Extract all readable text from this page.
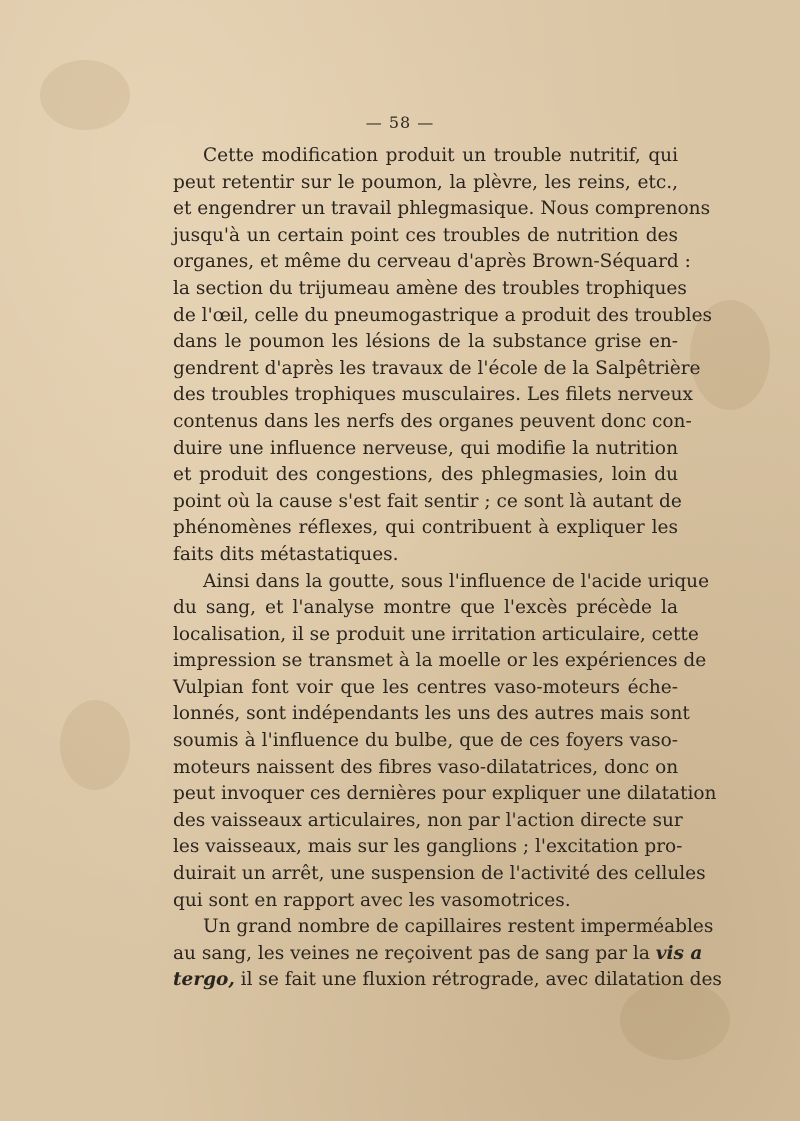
— 58 —
Cette modification produit un trouble nutritif, qui
peut retentir sur le poumon, la plèvre, les reins, etc.,
et engendrer un travail phlegmasique. Nous comprenons
jusqu'à un certain point ces troubles de nutrition des
organes, et même du cerveau d'après Brown-Séquard :
la section du trijumeau amène des troubles trophiques
de l'œil, celle du pneumogastrique a produit des troubles
dans le poumon les lésions de la substance grise en-
gendrent d'après les travaux de l'école de la Salpêtrière
des troubles trophiques musculaires. Les filets nerveux
contenus dans les nerfs des organes peuvent donc con-
duire une influence nerveuse, qui modifie la nutrition
et produit des congestions, des phlegmasies, loin du
point où la cause s'est fait sentir ; ce sont là autant de
phénomènes réflexes, qui contribuent à expliquer les
faits dits métastatiques.
Ainsi dans la goutte, sous l'influence de l'acide urique
du sang, et l'analyse montre que l'excès précède la
localisation, il se produit une irritation articulaire, cette
impression se transmet à la moelle or les expériences de
Vulpian font voir que les centres vaso-moteurs éche-
lonnés, sont indépendants les uns des autres mais sont
soumis à l'influence du bulbe, que de ces foyers vaso-
moteurs naissent des fibres vaso-dilatatrices, donc on
peut invoquer ces dernières pour expliquer une dilatation
des vaisseaux articulaires, non par l'action directe sur
les vaisseaux, mais sur les ganglions ; l'excitation pro-
duirait un arrêt, une suspension de l'activité des cellules
qui sont en rapport avec les vasomotrices.
Un grand nombre de capillaires restent imperméables
au sang, les veines ne reçoivent pas de sang par la vis a
tergo, il se fait une fluxion rétrograde, avec dilatation des
